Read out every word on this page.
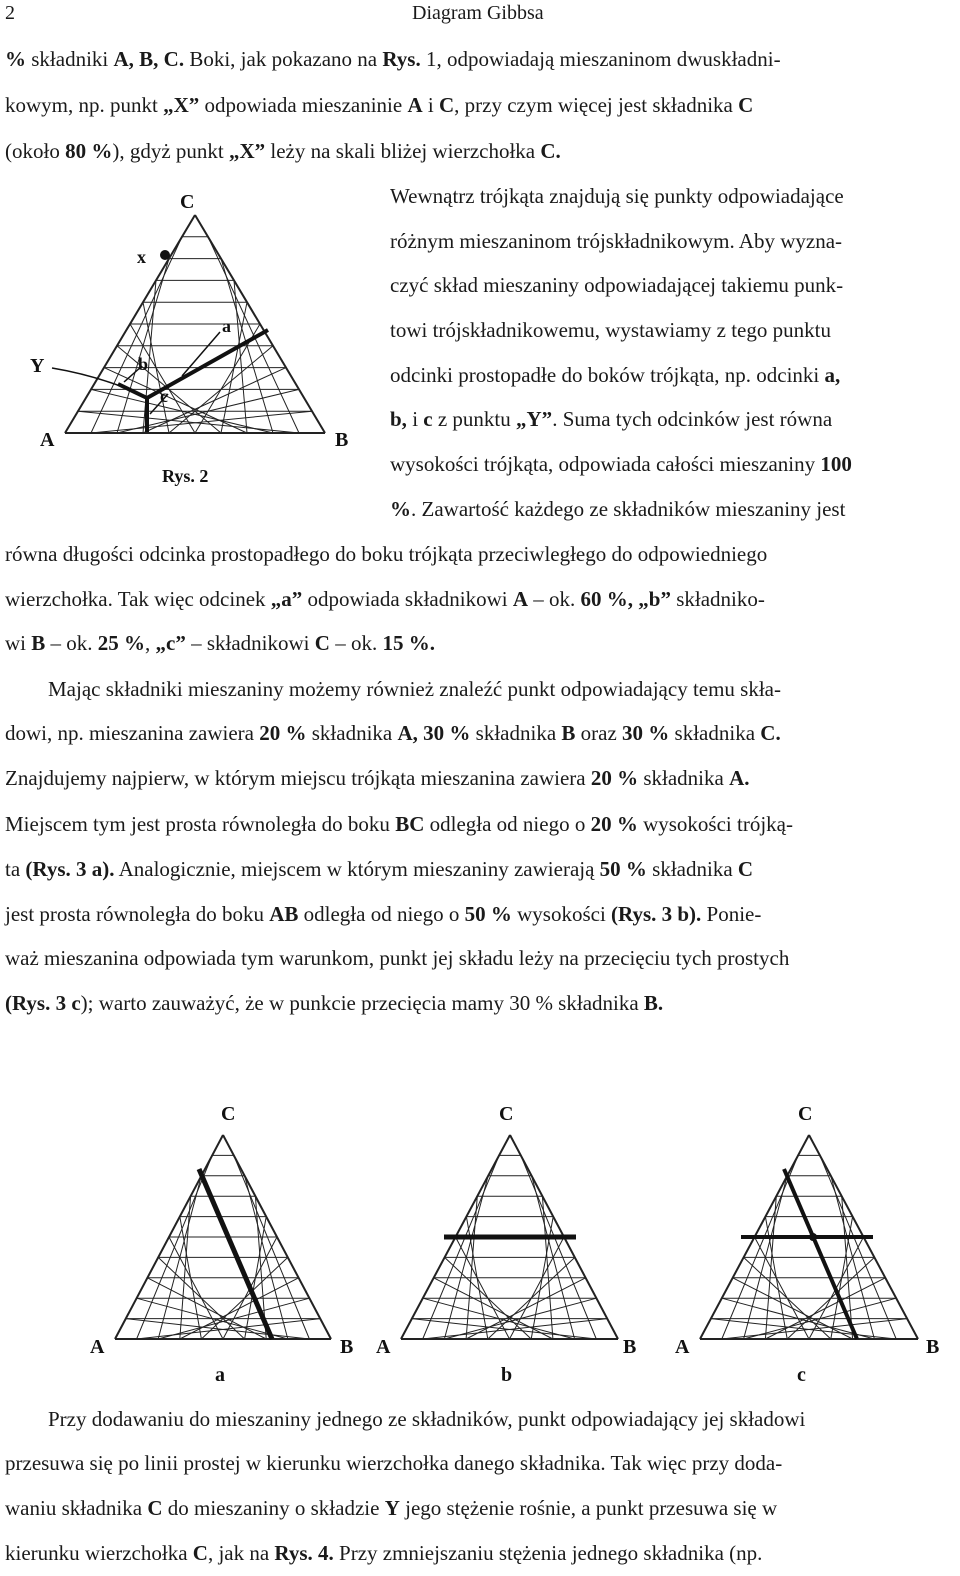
2	Diagram Gibbsa
% składniki A, B, C. Boki, jak pokazano na Rys. 1, odpowiadają mieszaninom dwuskładni-
kowym, np. punkt „X” odpowiada mieszaninie A i C, przy czym więcej jest składnika C
(około 80 %), gdyż punkt „X” leży na skali bliżej wierzchołka C.
Wewnątrz trójkąta znajdują się punkty odpowiadające
różnym mieszaninom trójskładnikowym. Aby wyzna-
czyć skład mieszaniny odpowiadającej takiemu punk-
towi trójskładnikowemu, wystawiamy z tego punktu
odcinki prostopadłe do boków trójkąta, np. odcinki a,
b, i c z punktu „Y”. Suma tych odcinków jest równa
wysokości trójkąta, odpowiada całości mieszaniny 100
%. Zawartość każdego ze składników mieszaniny jest
równa długości odcinka prostopadłego do boku trójkąta przeciwległego do odpowiedniego
wierzchołka. Tak więc odcinek „a” odpowiada składnikowi A – ok. 60 %, „b” składniko-
wi B – ok. 25 %, „c” – składnikowi C – ok. 15 %.
Mając składniki mieszaniny możemy również znaleźć punkt odpowiadający temu skła-
dowi, np. mieszanina zawiera 20 % składnika A, 30 % składnika B oraz 30 % składnika C.
Znajdujemy najpierw, w którym miejscu trójkąta mieszanina zawiera 20 % składnika A.
Miejscem tym jest prosta równoległa do boku BC odległa od niego o 20 % wysokości trójką-
ta (Rys. 3 a). Analogicznie, miejscem w którym mieszaniny zawierają 50 % składnika C
jest prosta równoległa do boku AB odległa od niego o 50 % wysokości (Rys. 3 b). Ponie-
waż mieszanina odpowiada tym warunkom, punkt jej składu leży na przecięciu tych prostych
(Rys. 3 c); warto zauważyć, że w punkcie przecięcia mamy 30 % składnika B.
Przy dodawaniu do mieszaniny jednego ze składników, punkt odpowiadający jej składowi
przesuwa się po linii prostej w kierunku wierzchołka danego składnika. Tak więc przy doda-
waniu składnika C do mieszaniny o składzie Y jego stężenie rośnie, a punkt przesuwa się w
kierunku wierzchołka C, jak na Rys. 4. Przy zmniejszaniu stężenia jednego składnika (np.
C
A	B
x
Y
a
b
c
Rys. 2
C
A	B
a
C
A	B
b
C
A	B
c
